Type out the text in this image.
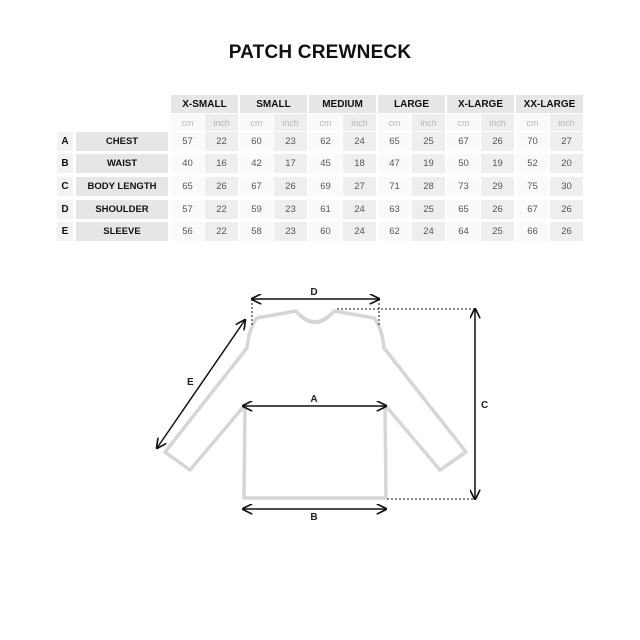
PATCH CREWNECK
X-SMALL
cm	inch
SMALL
cm	inch
MEDIUM
cm	inch
LARGE
cm	inch
X-LARGE
cm	inch
XX-LARGE
cm	inch
A	CHEST	57	22	60	23	62	24	65	25	67	26	70	27
B	WAIST	40	16	42	17	45	18	47	19	50	19	52	20
C	BODY LENGTH	65	26	67	26	69	27	71	28	73	29	75	30
D	SHOULDER	57	22	59	23	61	24	63	25	65	26	67	26
E	SLEEVE	56	22	58	23	60	24	62	24	64	25	66	26
D
C
A
B
E
